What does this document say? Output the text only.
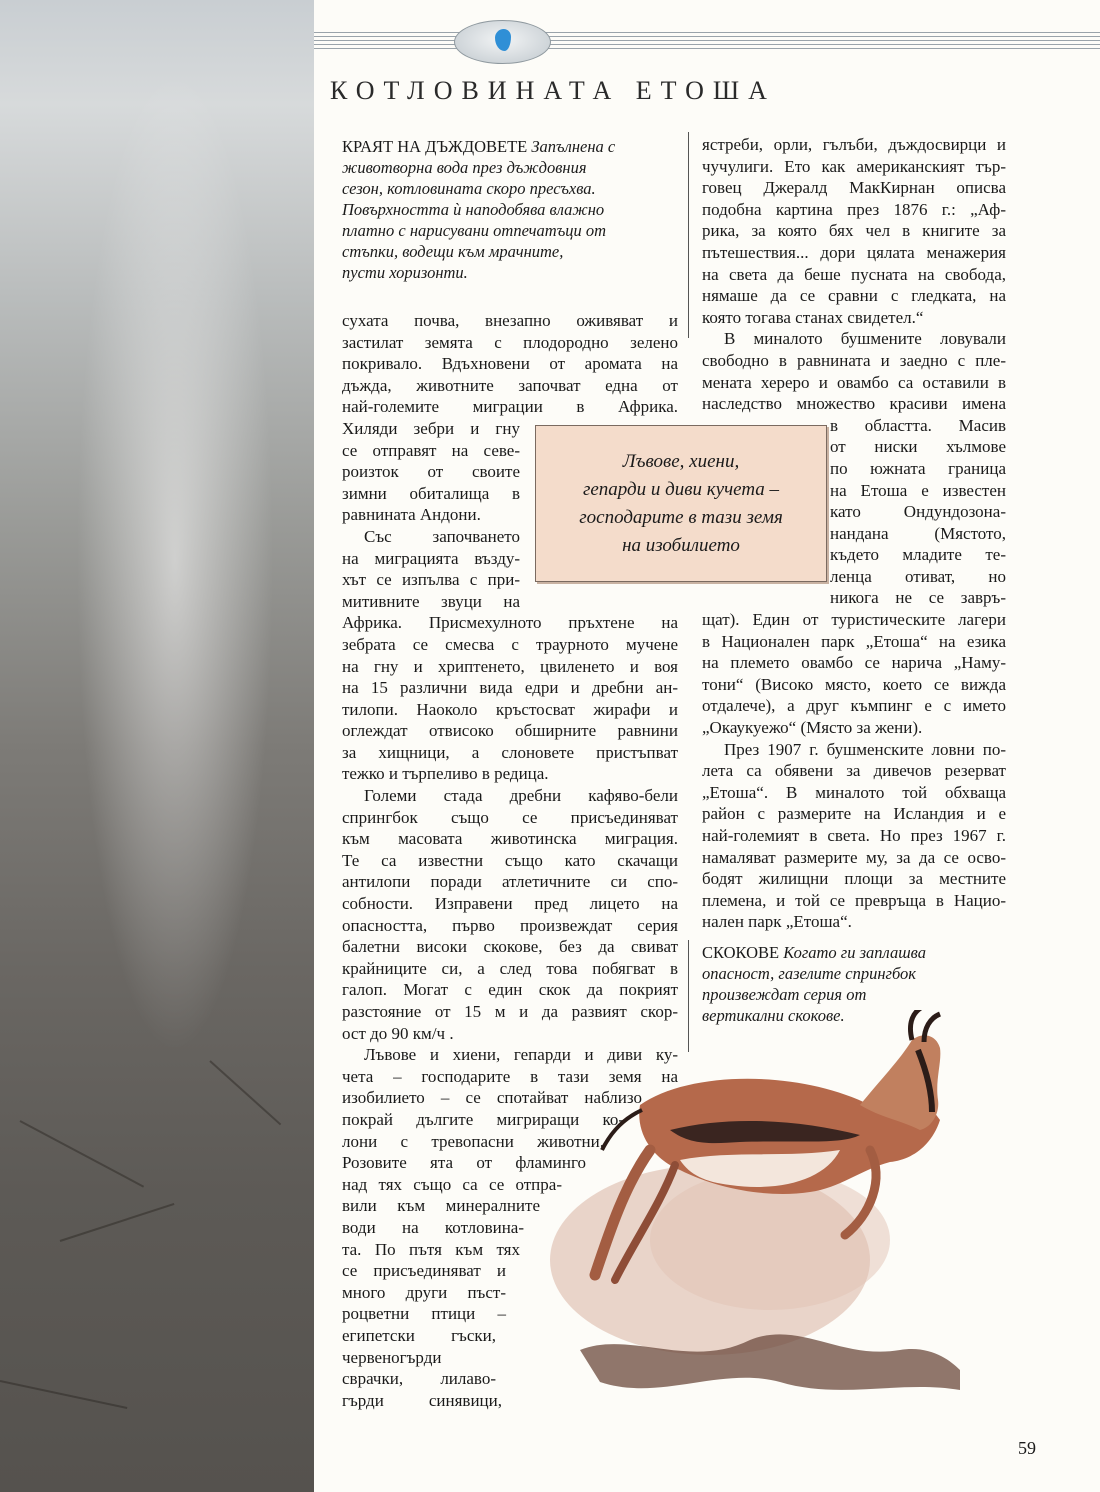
КОТЛОВИНАТА ЕТОША
КРАЯТ НА ДЪЖДОВЕТЕ Запълнена с
животворна вода през дъждовния
сезон, котловината скоро пресъхва.
Повърхността ѝ наподобява влажно
платно с нарисувани отпечатъци от
стъпки, водещи към мрачните,
пусти хоризонти.

сухата почва, внезапно оживяват и
застилат земята с плодородно зелено
покривало. Вдъхновени от аромата на
дъжда, животните започват една от
най-големите миграции в Африка.
Хиляди зебри и гну
се отправят на севе-
роизток от своите
зимни обиталища в
равнината Андони.

Със започването
на миграцията възду-
хът се изпълва с при-
митивните звуци на
Африка. Присмехулното пръхтене на
зебрата се смесва с траурното мучене
на гну и хриптенето, цвиленето и воя
на 15 различни вида едри и дребни ан-
тилопи. Наоколо кръстосват жирафи и
оглеждат отвисоко обширните равнини
за хищници, а слоновете пристъпват
тежко и търпеливо в редица.

Големи стада дребни кафяво-бели
спрингбок също се присъединяват
към масовата животинска миграция.
Те са известни също като скачащи
антилопи поради атлетичните си спо-
собности. Изправени пред лицето на
опасността, първо произвеждат серия
балетни високи скокове, без да свиват
крайниците си, а след това побягват в
галоп. Могат с един скок да покрият
разстояние от 15 м и да развият скор-
ост до 90 км/ч .

Лъвове и хиени, гепарди и диви ку-
чета – господарите в тази земя на
изобилието – се спотайват наблизо
покрай дългите мигриращи ко-
лони с тревопасни животни.
Розовите ята от фламинго
над тях също са се отпра-
вили към минералните
води на котловина-
та. По пътя към тях
се присъединяват и
много други пъст-
роцветни птици –
египетски гъски,
червеногърди
сврачки, лилаво-
гърди синявици,

ястреби, орли, гълъби, дъждосвирци и
чучулиги. Ето как американският тър-
говец Джералд МакКирнан описва
подобна картина през 1876 г.: „Аф-
рика, за която бях чел в книгите за
пътешествия... дори цялата менажерия
на света да беше пусната на свобода,
нямаше да се сравни с гледката, на
която тогава станах свидетел.“

В миналото бушмените ловували
свободно в равнината и заедно с пле-
мената хереро и овамбо са оставили в
наследство множество красиви имена
в областта. Масив
от ниски хълмове
по южната граница
на Етоша е известен
като Ондундозона-
нандана (Мястото,
където младите те-
ленца отиват, но
никога не се завръ-
щат). Един от туристическите лагери
в Национален парк „Етоша“ на езика
на племето овамбо се нарича „Наму-
тони“ (Високо място, което се вижда
отдалече), а друг къмпинг е с името
„Окаукуежо“ (Място за жени).

През 1907 г. бушменските ловни по-
лета са обявени за дивечов резерват
„Етоша“. В миналото той обхваща
район с размерите на Исландия и е
най-големият в света. Но през 1967 г.
намаляват размерите му, за да се осво-
бодят жилищни площи за местните
племена, и той се превръща в Нацио-
нален парк „Етоша“.

Лъвове, хиени,
гепарди и диви кучета –
господарите в тази земя
на изобилието
СКОКОВЕ Когато ги заплашва
опасност, газелите спрингбок
произвеждат серия от
вертикални скокове.
59
